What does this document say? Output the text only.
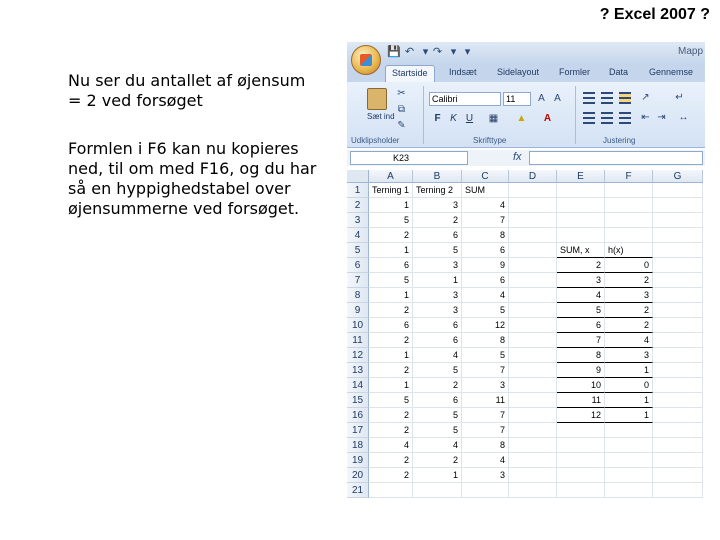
? Excel 2007 ?
Nu ser du antallet af øjensum = 2 ved forsøget
Formlen i F6 kan nu kopieres ned, til om med F16, og du har så en hyppighedstabel over øjensummerne ved forsøget.
💾 ↶ ▾ ↷ ▾ ▾	Mapp
Startside	Indsæt Sidelayout Formler Data Gennemse
Sæt ind
✂
⧉
✎
Udklipsholder
Calibri	11	A A
F K U ▦ ▲ A
Skrifttype
↗	↵
⇤ ⇥ ↔
Justering
K23	fx
A	B	C	D	E	F	G
1
2
3
4
5
6
7
8
9
10
11
12
13
14
15
16
17
18
19
20
21
Terning 1 Terning 2	SUM
1	3	4
5	2	7
2	6	8
1	5	6
6	3	9
5	1	6
1	3	4
2	3	5
6	6	12
2	6	8
1	4	5
2	5	7
1	2	3
5	6	11
2	5	7
2	5	7
4	4	8
2	2	4
2	1	3
SUM, x	h(x)
2	0
3	2
4	3
5	2
6	2
7	4
8	3
9	1
10	0
11	1
12	1
